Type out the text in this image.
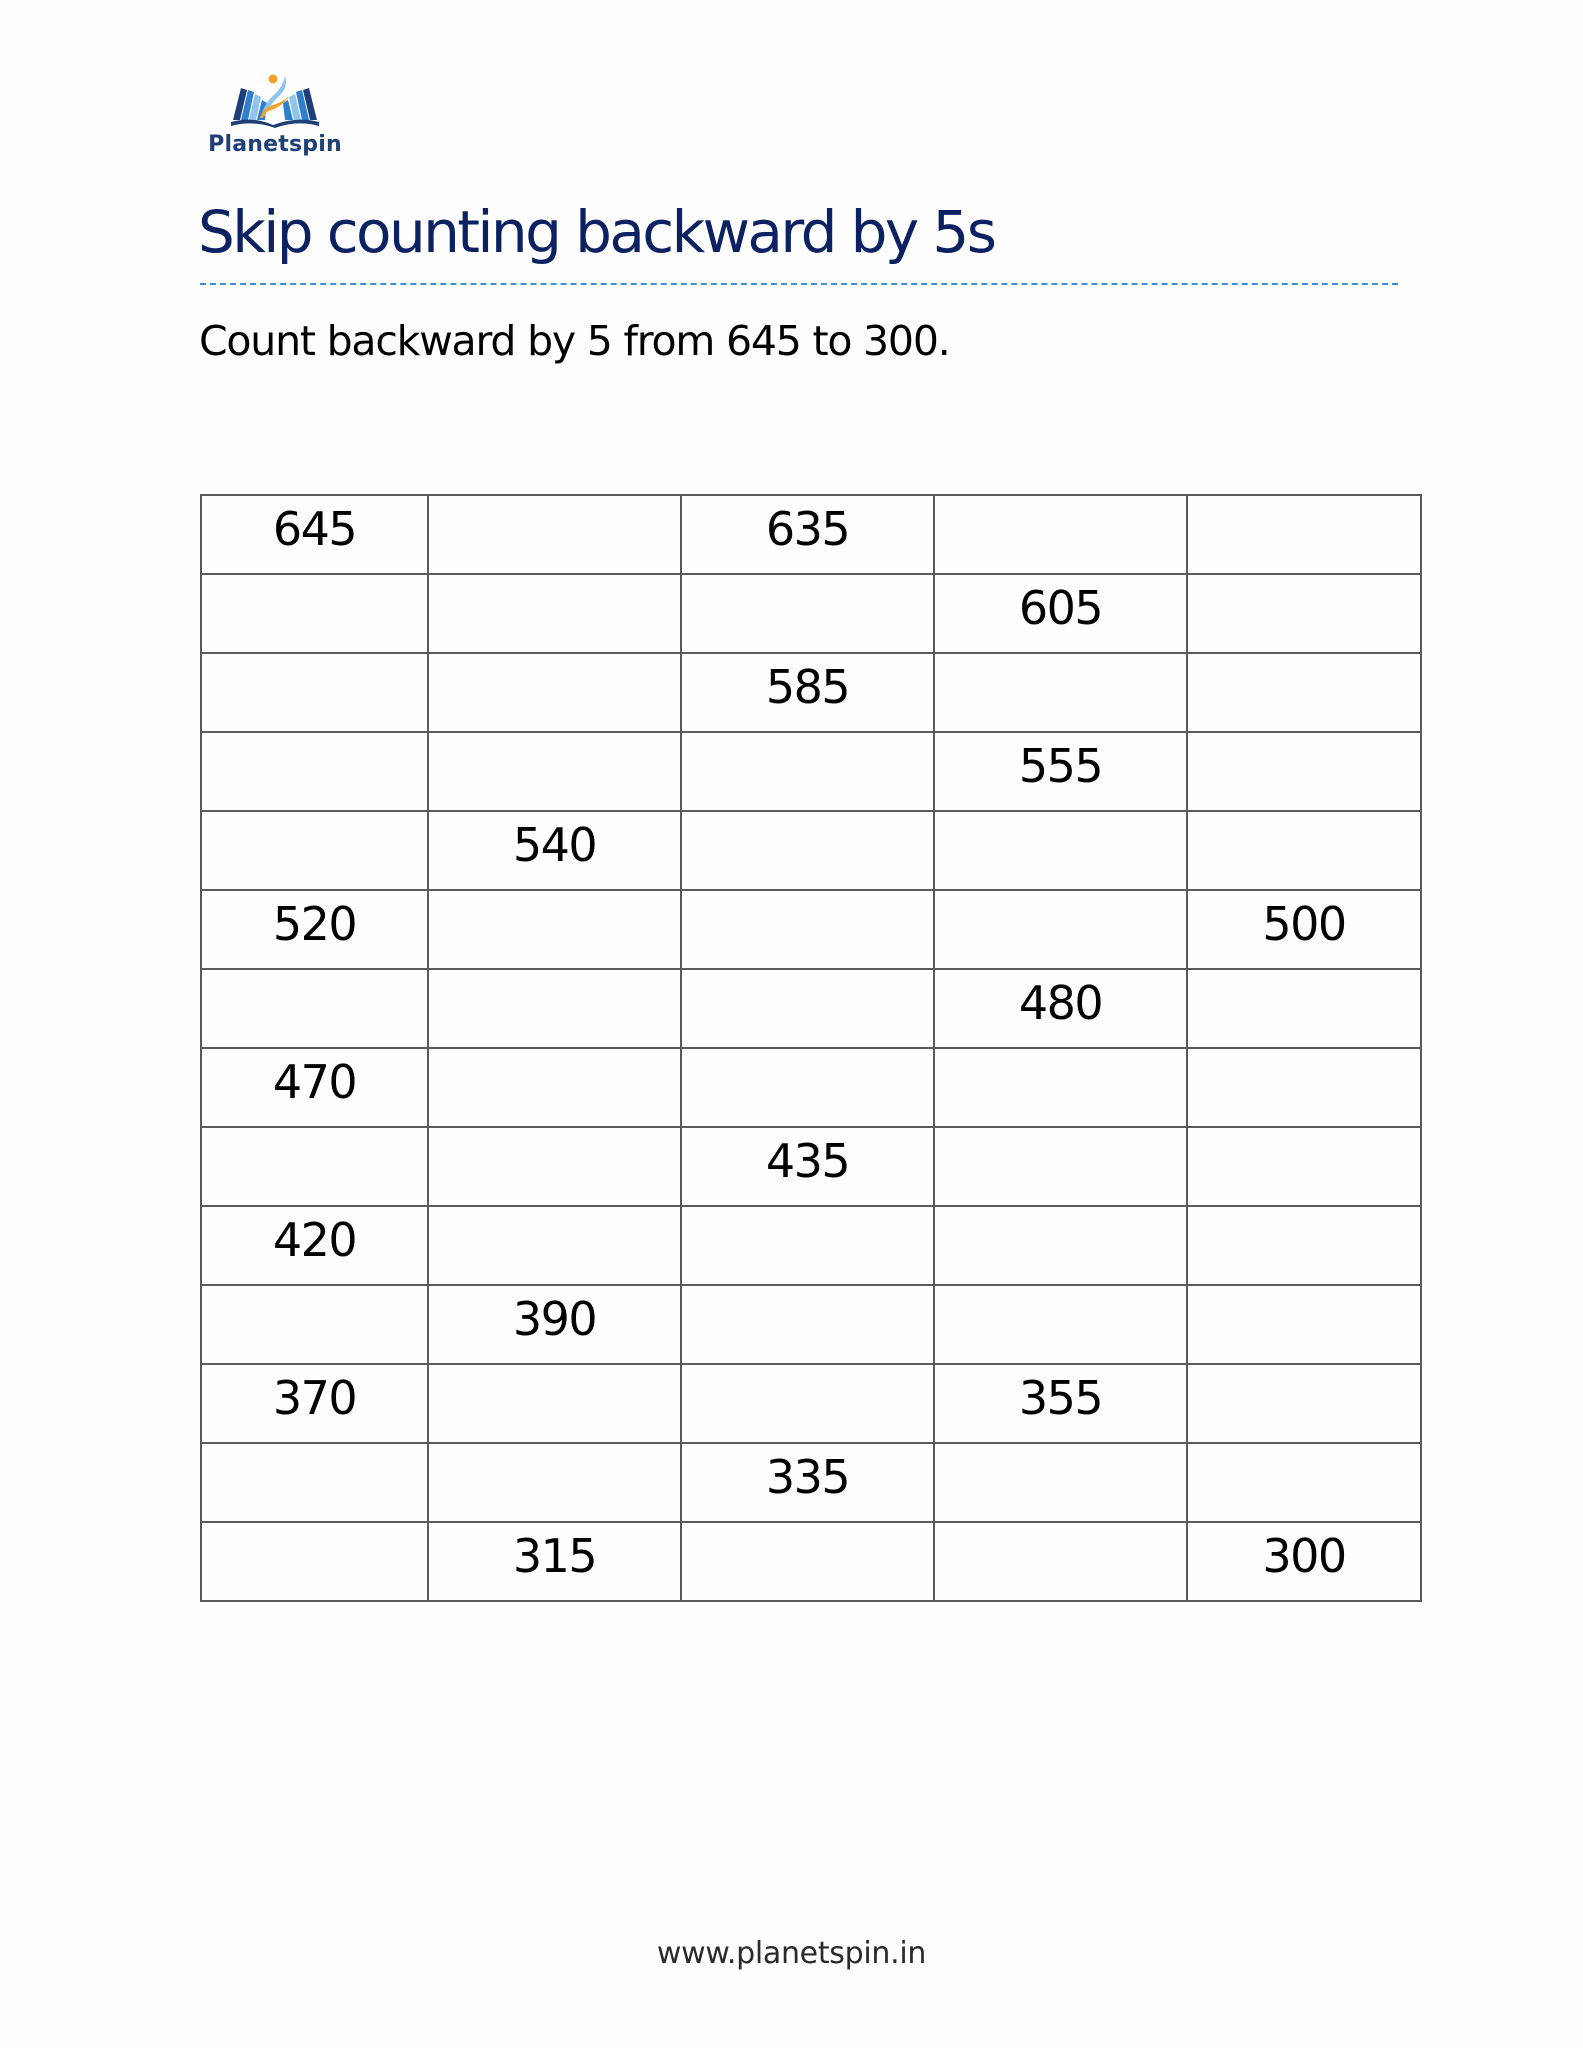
Planetspin
Skip counting backward by 5s

Count backward by 5 from 645 to 300.

645		635		
			605	
		585		
			555	
	540			
520				500
			480	
470				
		435		
420				
	390			
370			355	
		335		
	315			300
www.planetspin.in
